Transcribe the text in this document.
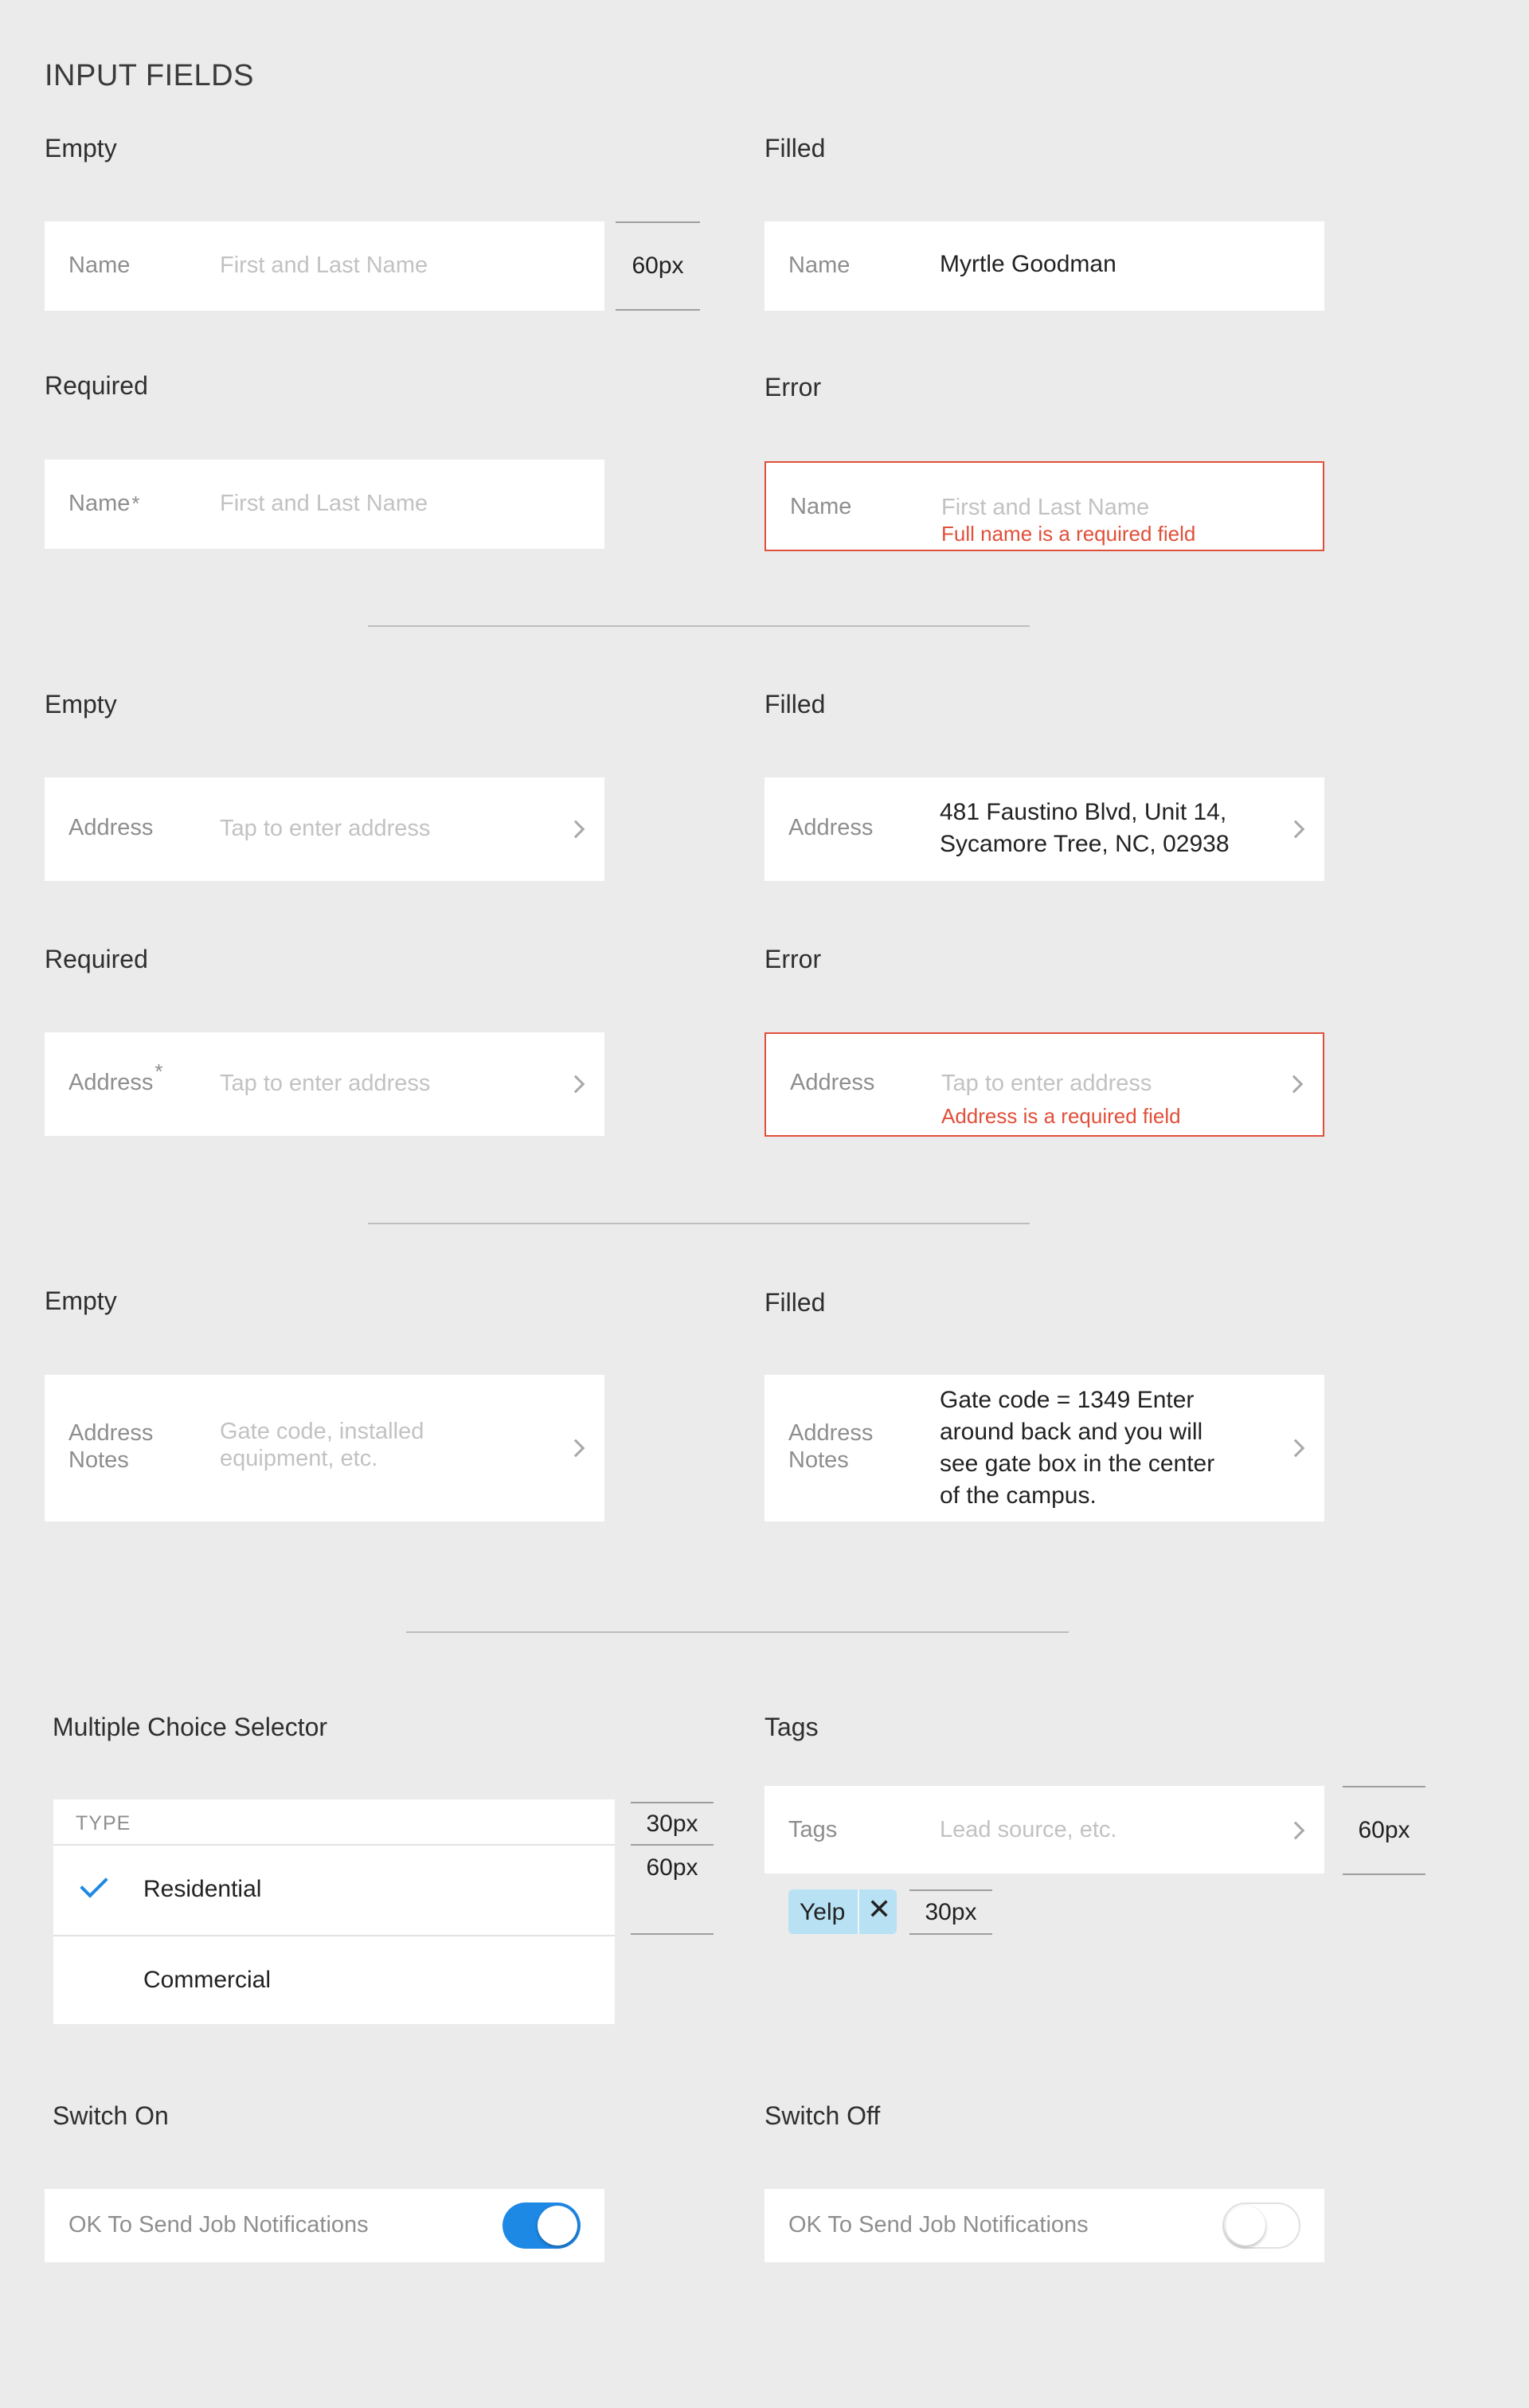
INPUT FIELDS
Empty	Filled
Name	First and Last Name	60px	Name	Myrtle Goodman
Required	Error
Name*	First and Last Name	Name	First and Last Name
Full name is a required field
Empty	Filled
Address	Tap to enter address	Address
481 Faustino Blvd, Unit 14,
Sycamore Tree, NC, 02938
Required	Error
Address* Tap to enter address	Address	Tap to enter address
Address is a required field
Empty	Filled
Address
Notes
Gate code, installed
equipment, etc.
Address
Notes
Gate code = 1349 Enter
around back and you will
see gate box in the center
of the campus.
Multiple Choice Selector	Tags
TYPE
Residential
Commercial
30px
60px
Tags	Lead source, etc.	60px
Yelp ✕	30px
Switch On	Switch Off
OK To Send Job Notifications	OK To Send Job Notifications
